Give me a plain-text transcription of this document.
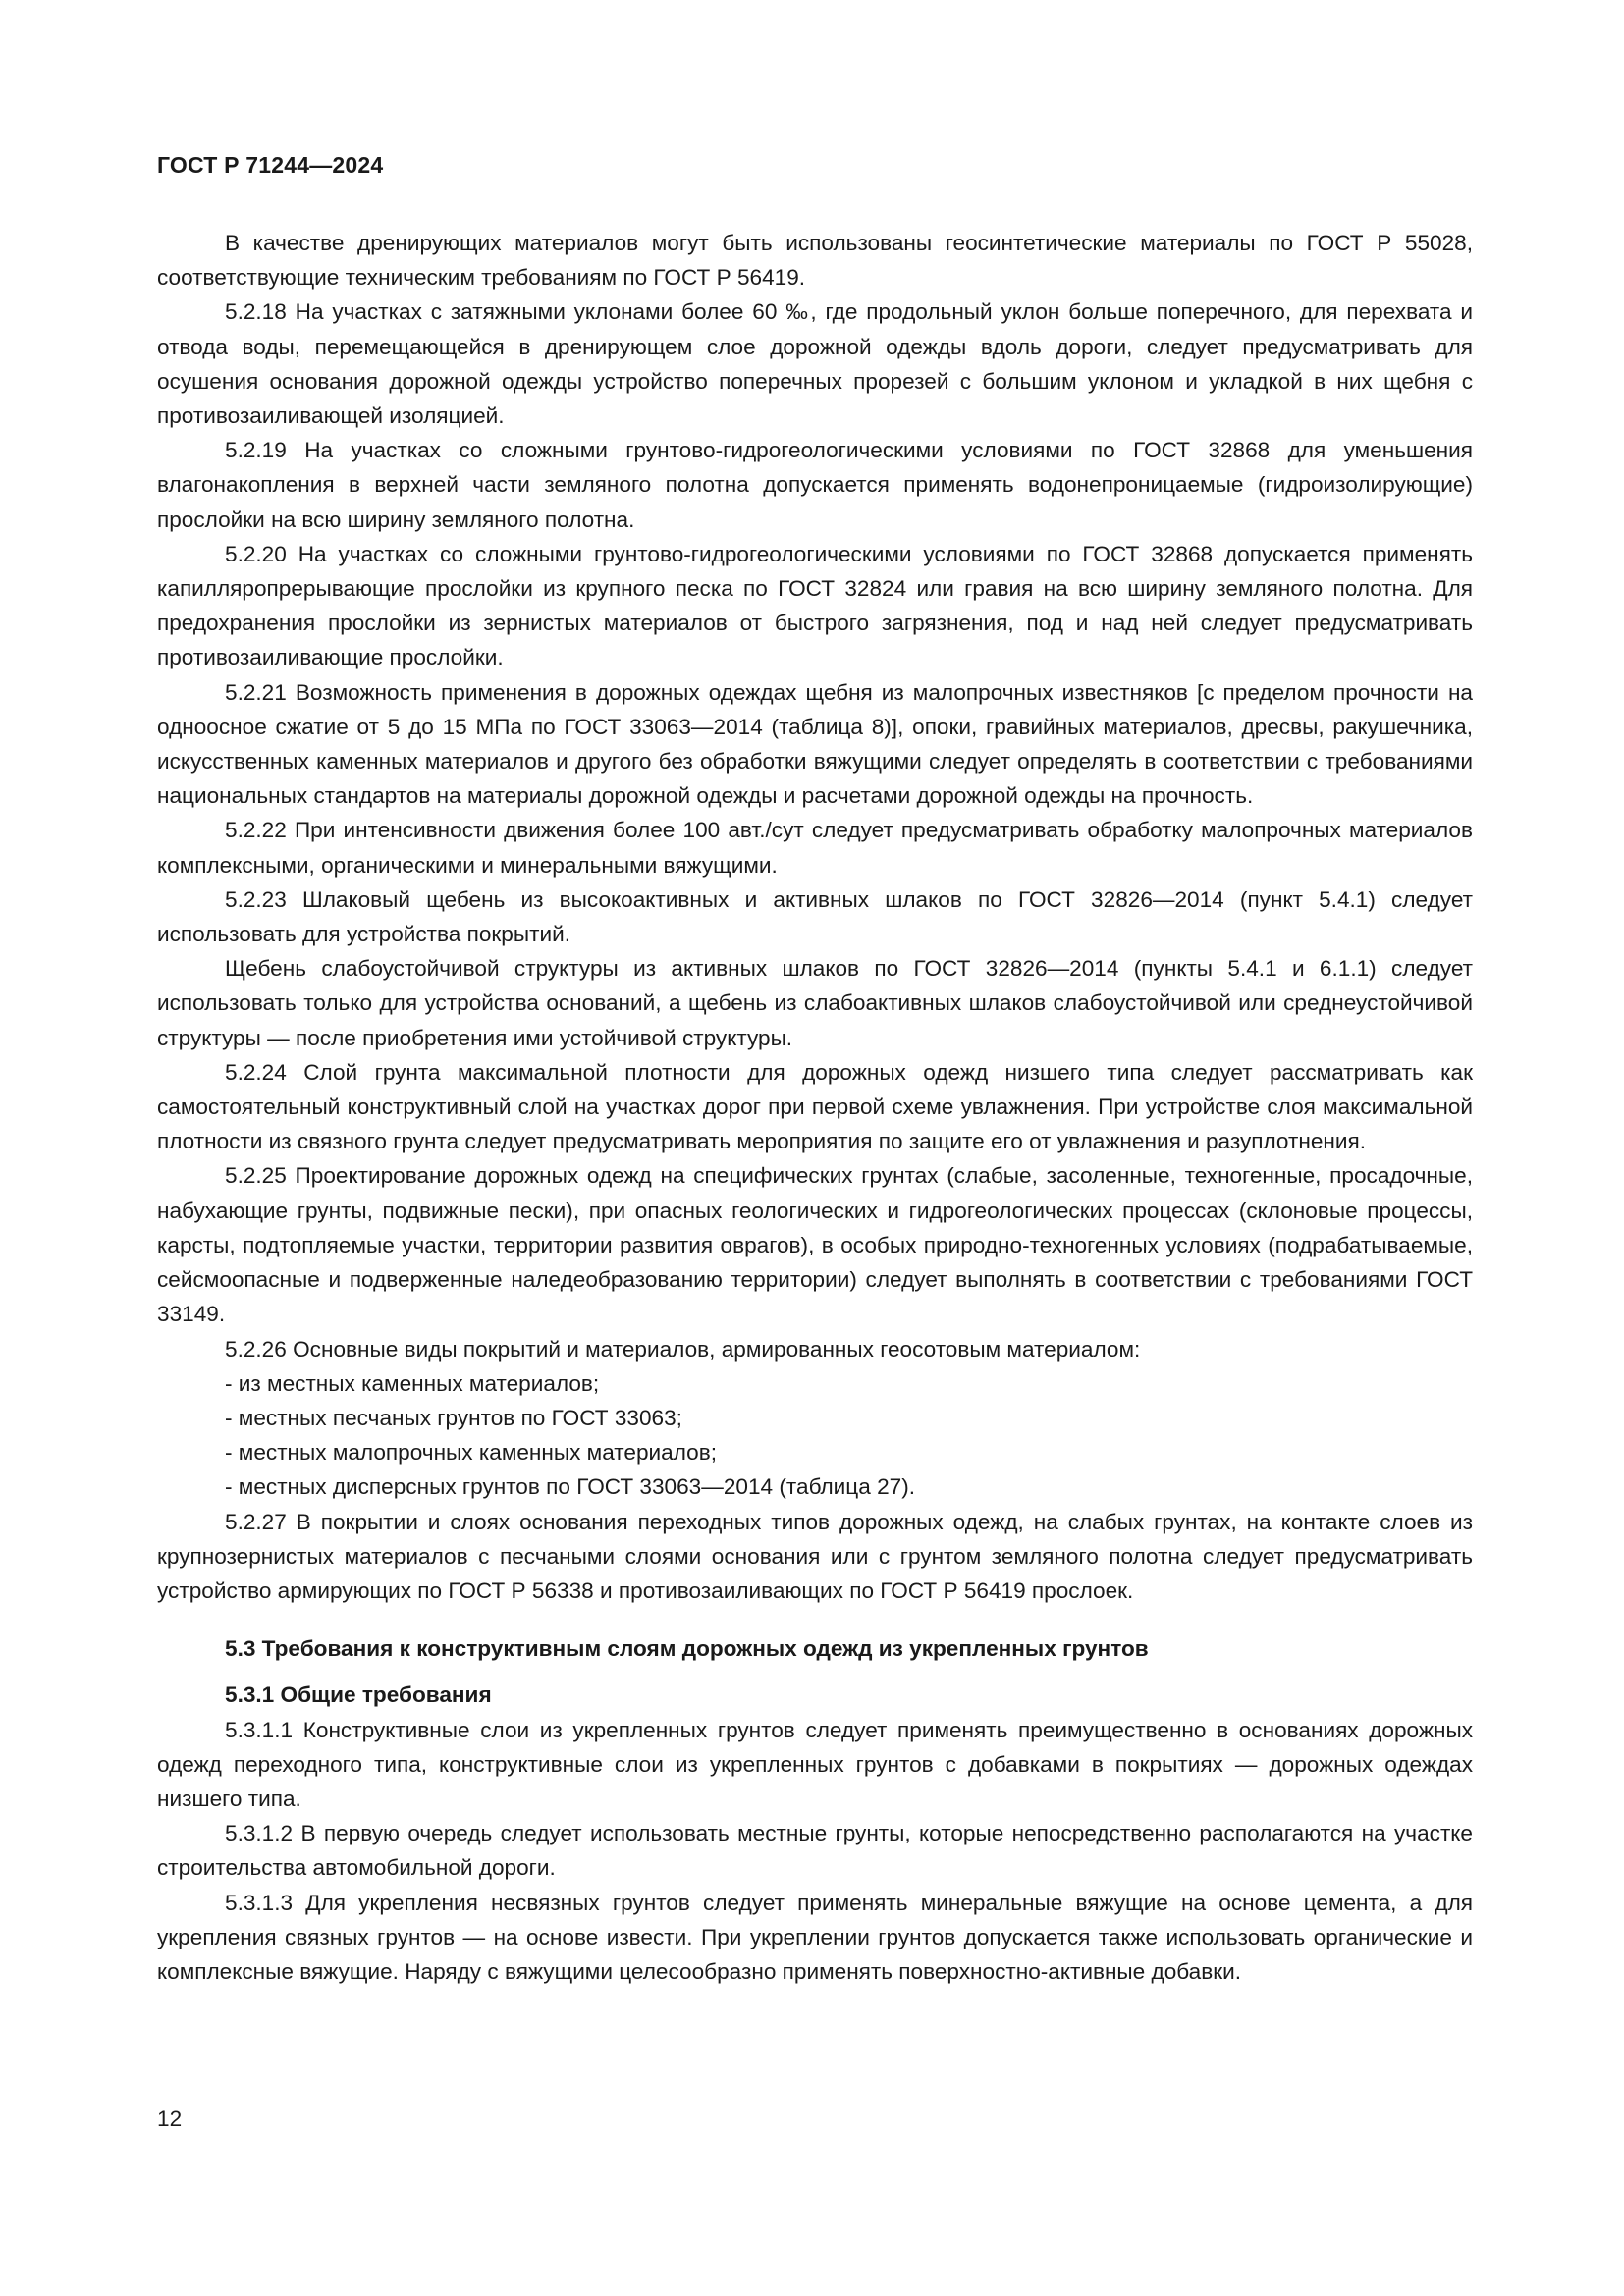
ГОСТ Р 71244—2024

В качестве дренирующих материалов могут быть использованы геосинтетические материалы по ГОСТ Р 55028, соответствующие техническим требованиям по ГОСТ Р 56419.

5.2.18 На участках с затяжными уклонами более 60 ‰, где продольный уклон больше поперечного, для перехвата и отвода воды, перемещающейся в дренирующем слое дорожной одежды вдоль дороги, следует предусматривать для осушения основания дорожной одежды устройство поперечных прорезей с большим уклоном и укладкой в них щебня с противозаиливающей изоляцией.

5.2.19 На участках со сложными грунтово-гидрогеологическими условиями по ГОСТ 32868 для уменьшения влагонакопления в верхней части земляного полотна допускается применять водонепроницаемые (гидроизолирующие) прослойки на всю ширину земляного полотна.

5.2.20 На участках со сложными грунтово-гидрогеологическими условиями по ГОСТ 32868 допускается применять капилляропрерывающие прослойки из крупного песка по ГОСТ 32824 или гравия на всю ширину земляного полотна. Для предохранения прослойки из зернистых материалов от быстрого загрязнения, под и над ней следует предусматривать противозаиливающие прослойки.

5.2.21 Возможность применения в дорожных одеждах щебня из малопрочных известняков [с пределом прочности на одноосное сжатие от 5 до 15 МПа по ГОСТ 33063—2014 (таблица 8)], опоки, гравийных материалов, дресвы, ракушечника, искусственных каменных материалов и другого без обработки вяжущими следует определять в соответствии с требованиями национальных стандартов на материалы дорожной одежды и расчетами дорожной одежды на прочность.

5.2.22 При интенсивности движения более 100 авт./сут следует предусматривать обработку малопрочных материалов комплексными, органическими и минеральными вяжущими.

5.2.23 Шлаковый щебень из высокоактивных и активных шлаков по ГОСТ 32826—2014 (пункт 5.4.1) следует использовать для устройства покрытий.

Щебень слабоустойчивой структуры из активных шлаков по ГОСТ 32826—2014 (пункты 5.4.1 и 6.1.1) следует использовать только для устройства оснований, а щебень из слабоактивных шлаков слабоустойчивой или среднеустойчивой структуры — после приобретения ими устойчивой структуры.

5.2.24 Слой грунта максимальной плотности для дорожных одежд низшего типа следует рассматривать как самостоятельный конструктивный слой на участках дорог при первой схеме увлажнения. При устройстве слоя максимальной плотности из связного грунта следует предусматривать мероприятия по защите его от увлажнения и разуплотнения.

5.2.25 Проектирование дорожных одежд на специфических грунтах (слабые, засоленные, техногенные, просадочные, набухающие грунты, подвижные пески), при опасных геологических и гидрогеологических процессах (склоновые процессы, карсты, подтопляемые участки, территории развития оврагов), в особых природно-техногенных условиях (подрабатываемые, сейсмоопасные и подверженные наледеобразованию территории) следует выполнять в соответствии с требованиями ГОСТ 33149.

5.2.26 Основные виды покрытий и материалов, армированных геосотовым материалом:

- из местных каменных материалов;

- местных песчаных грунтов по ГОСТ 33063;

- местных малопрочных каменных материалов;

- местных дисперсных грунтов по ГОСТ 33063—2014 (таблица 27).

5.2.27 В покрытии и слоях основания переходных типов дорожных одежд, на слабых грунтах, на контакте слоев из крупнозернистых материалов с песчаными слоями основания или с грунтом земляного полотна следует предусматривать устройство армирующих по ГОСТ Р 56338 и противозаиливающих по ГОСТ Р 56419 прослоек.

5.3 Требования к конструктивным слоям дорожных одежд из укрепленных грунтов
5.3.1 Общие требования

5.3.1.1 Конструктивные слои из укрепленных грунтов следует применять преимущественно в основаниях дорожных одежд переходного типа, конструктивные слои из укрепленных грунтов с добавками в покрытиях — дорожных одеждах низшего типа.

5.3.1.2 В первую очередь следует использовать местные грунты, которые непосредственно располагаются на участке строительства автомобильной дороги.

5.3.1.3 Для укрепления несвязных грунтов следует применять минеральные вяжущие на основе цемента, а для укрепления связных грунтов — на основе извести. При укреплении грунтов допускается также использовать органические и комплексные вяжущие. Наряду с вяжущими целесообразно применять поверхностно-активные добавки.

12
